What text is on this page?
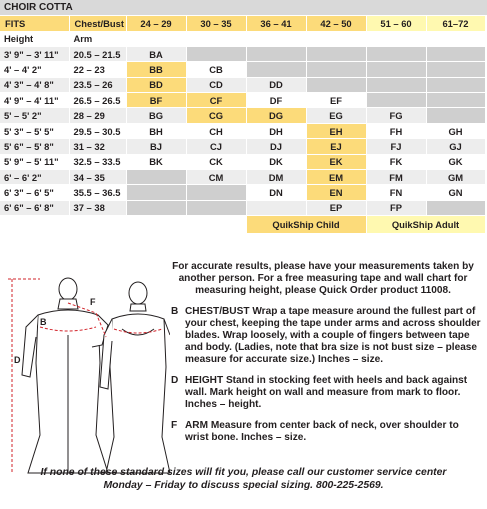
CHOIR COTTA
FITS	Chest/Bust	24 – 29	30 – 35	36 – 41	42 – 50	51 – 60	61–72
Height	Arm						
3' 9" – 3' 11"	20.5 – 21.5	BA					
4' – 4' 2"	22 – 23	BB	CB				
4' 3" – 4' 8"	23.5 – 26	BD	CD	DD			
4' 9" – 4' 11"	26.5 – 26.5	BF	CF	DF	EF		
5' – 5' 2"	28 – 29	BG	CG	DG	EG	FG	
5' 3" – 5' 5"	29.5 – 30.5	BH	CH	DH	EH	FH	GH
5' 6" – 5' 8"	31 – 32	BJ	CJ	DJ	EJ	FJ	GJ
5' 9" – 5' 11"	32.5 – 33.5	BK	CK	DK	EK	FK	GK
6' – 6' 2"	34 – 35		CM	DM	EM	FM	GM
6' 3" – 6' 5"	35.5 – 36.5			DN	EN	FN	GN
6' 6" – 6' 8"	37 – 38				EP	FP	
				QuikShip Child		QuikShip Adult	
F
B
D
For accurate results, please have your measurements taken by another person. For a free measuring tape and wall chart for measuring height, please Quick Order product 11008.
B CHEST/BUST Wrap a tape measure around the fullest part of your chest, keeping the tape under arms and across shoulder blades. Wrap loosely, with a couple of fingers between tape and body. (Ladies, note that bra size is not bust size – please measure for accurate size.) Inches – size.
D HEIGHT Stand in stocking feet with heels and back against wall. Mark height on wall and measure from mark to floor. Inches – height.
F ARM Measure from center back of neck, over shoulder to wrist bone. Inches – size.
If none of these standard sizes will fit you, please call our customer service center
Monday – Friday to discuss special sizing. 800-225-2569.
